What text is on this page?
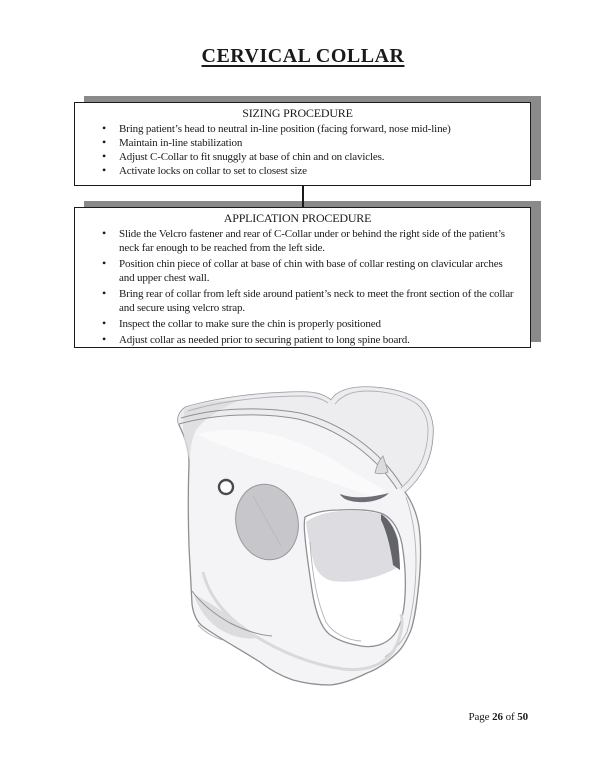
CERVICAL COLLAR
SIZING PROCEDURE
• Bring patient’s head to neutral in-line position (facing forward, nose mid-line)
• Maintain in-line stabilization
• Adjust C-Collar to fit snuggly at base of chin and on clavicles.
• Activate locks on collar to set to closest size
APPLICATION PROCEDURE
• Slide the Velcro fastener and rear of C-Collar under or behind the right side of the patient’s neck far enough to be reached from the left side.
• Position chin piece of collar at base of chin with base of collar resting on clavicular arches and upper chest wall.
• Bring rear of collar from left side around patient’s neck to meet the front section of the collar and secure using velcro strap.
• Inspect the collar to make sure the chin is properly positioned
• Adjust collar as needed prior to securing patient to long spine board.
Page 26 of 50
